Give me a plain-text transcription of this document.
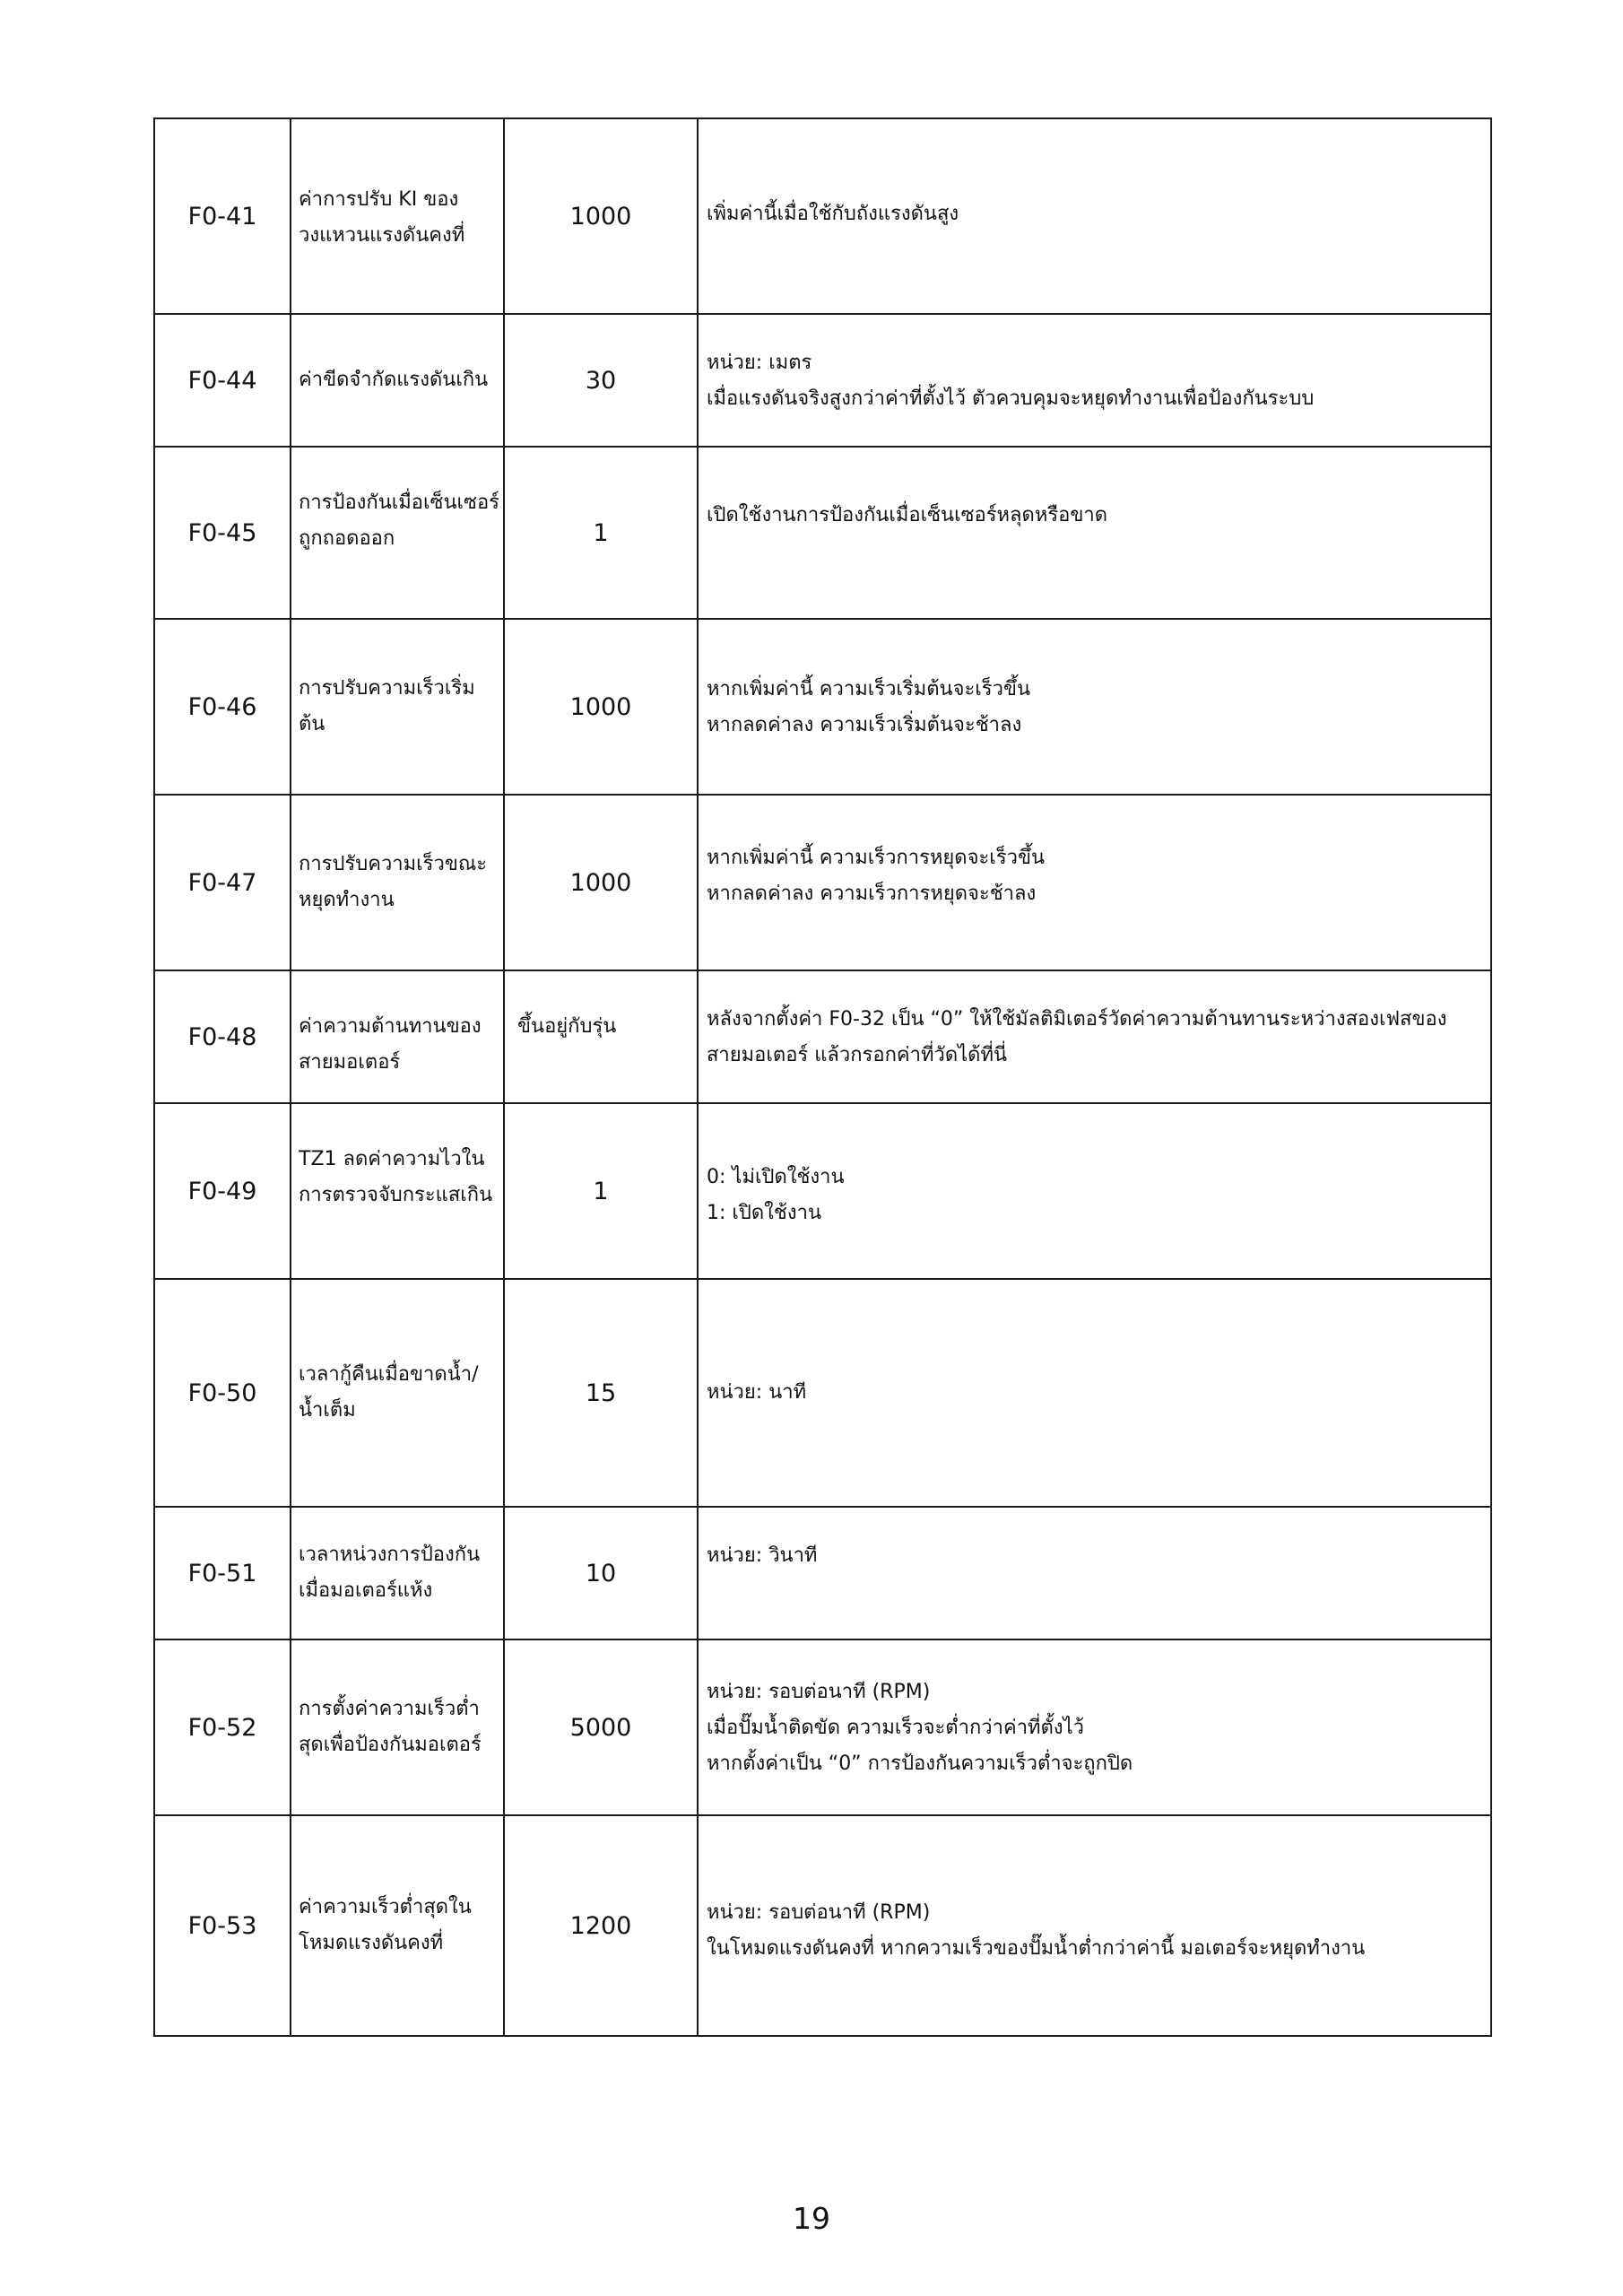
F0-41	ค่าการปรับ KI ของวงแหวนแรงดันคงที่	1000	เพิ่มค่านี้เมื่อใช้กับถังแรงดันสูง

F0-44	ค่าขีดจำกัดแรงดันเกิน	30	หน่วย: เมตร
เมื่อแรงดันจริงสูงกว่าค่าที่ตั้งไว้ ตัวควบคุมจะหยุดทำงานเพื่อป้องกันระบบ

F0-45	การป้องกันเมื่อเซ็นเซอร์ถูกถอดออก	1	เปิดใช้งานการป้องกันเมื่อเซ็นเซอร์หลุดหรือขาด

F0-46	การปรับความเร็วเริ่มต้น	1000	หากเพิ่มค่านี้ ความเร็วเริ่มต้นจะเร็วขึ้น
หากลดค่าลง ความเร็วเริ่มต้นจะช้าลง

F0-47	การปรับความเร็วขณะหยุดทำงาน	1000	หากเพิ่มค่านี้ ความเร็วการหยุดจะเร็วขึ้น
หากลดค่าลง ความเร็วการหยุดจะช้าลง

F0-48	ค่าความต้านทานของสายมอเตอร์	ขึ้นอยู่กับรุ่น	หลังจากตั้งค่า F0-32 เป็น “0” ให้ใช้มัลติมิเตอร์วัดค่าความต้านทานระหว่างสองเฟสของ
สายมอเตอร์ แล้วกรอกค่าที่วัดได้ที่นี่

F0-49	TZ1 ลดค่าความไวในการตรวจจับกระแสเกิน	1	0: ไม่เปิดใช้งาน
1: เปิดใช้งาน

F0-50	เวลากู้คืนเมื่อขาดน้ำ/น้ำเต็ม	15	หน่วย: นาที

F0-51	เวลาหน่วงการป้องกันเมื่อมอเตอร์แห้ง	10	หน่วย: วินาที

F0-52	การตั้งค่าความเร็วต่ำสุดเพื่อป้องกันมอเตอร์	5000	หน่วย: รอบต่อนาที (RPM)
เมื่อปั๊มน้ำติดขัด ความเร็วจะต่ำกว่าค่าที่ตั้งไว้
หากตั้งค่าเป็น “0” การป้องกันความเร็วต่ำจะถูกปิด

F0-53	ค่าความเร็วต่ำสุดในโหมดแรงดันคงที่	1200	หน่วย: รอบต่อนาที (RPM)
ในโหมดแรงดันคงที่ หากความเร็วของปั๊มน้ำต่ำกว่าค่านี้ มอเตอร์จะหยุดทำงาน
19
